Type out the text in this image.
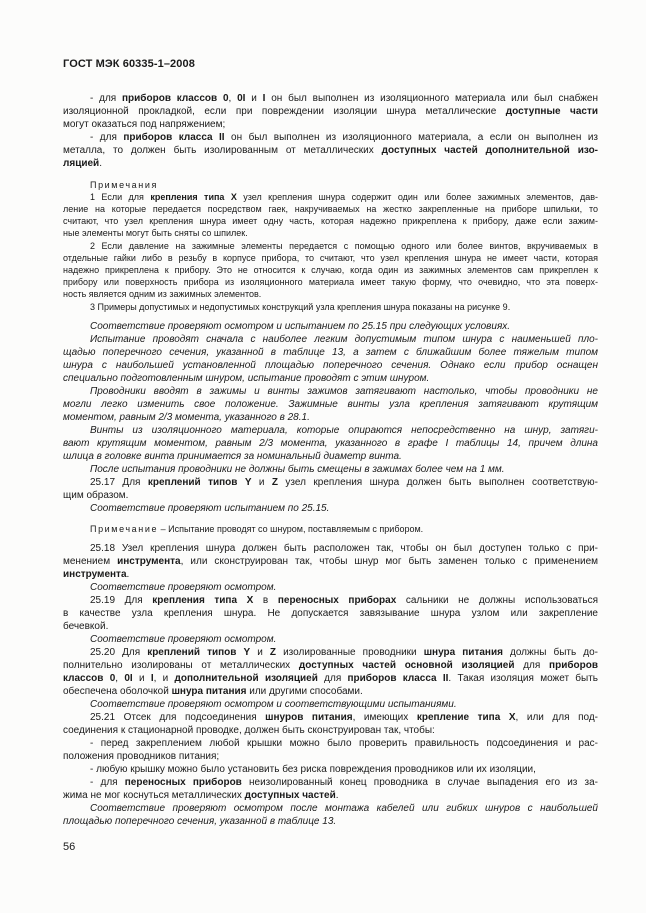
ГОСТ МЭК 60335-1–2008
- для приборов классов 0, 0I и I он был выполнен из изоляционного материала или был снабжен
изоляционной прокладкой, если при повреждении изоляции шнура металлические доступные части
могут оказаться под напряжением;
- для приборов класса II он был выполнен из изоляционного материала, а если он выполнен из
металла, то должен быть изолированным от металлических доступных частей дополнительной изо-
ляцией.
Примечания
1 Если для крепления типа X узел крепления шнура содержит один или более зажимных элементов, дав-
ление на которые передается посредством гаек, накручиваемых на жестко закрепленные на приборе шпильки, то
считают, что узел крепления шнура имеет одну часть, которая надежно прикреплена к прибору, даже если зажим-
ные элементы могут быть сняты со шпилек.
2 Если давление на зажимные элементы передается с помощью одного или более винтов, вкручиваемых в
отдельные гайки либо в резьбу в корпусе прибора, то считают, что узел крепления шнура не имеет части, которая
надежно прикреплена к прибору. Это не относится к случаю, когда один из зажимных элементов сам прикреплен к
прибору или поверхность прибора из изоляционного материала имеет такую форму, что очевидно, что эта поверх-
ность является одним из зажимных элементов.
3 Примеры допустимых и недопустимых конструкций узла крепления шнура показаны на рисунке 9.
Соответствие проверяют осмотром и испытанием по 25.15 при следующих условиях.
Испытание проводят сначала с наиболее легким допустимым типом шнура с наименьшей пло-
щадью поперечного сечения, указанной в таблице 13, а затем с ближайшим более тяжелым типом
шнура с наибольшей установленной площадью поперечного сечения. Однако если прибор оснащен
специально подготовленным шнуром, испытание проводят с этим шнуром.
Проводники вводят в зажимы и винты зажимов затягивают настолько, чтобы проводники не
могли легко изменить свое положение. Зажимные винты узла крепления затягивают крутящим
моментом, равным 2/3 момента, указанного в 28.1.
Винты из изоляционного материала, которые опираются непосредственно на шнур, затяги-
вают крутящим моментом, равным 2/3 момента, указанного в графе I таблицы 14, причем длина
шлица в головке винта принимается за номинальный диаметр винта.
После испытания проводники не должны быть смещены в зажимах более чем на 1 мм.
25.17 Для креплений типов Y и Z узел крепления шнура должен быть выполнен соответствую-
щим образом.
Соответствие проверяют испытанием по 25.15.
Примечание – Испытание проводят со шнуром, поставляемым с прибором.
25.18 Узел крепления шнура должен быть расположен так, чтобы он был доступен только с при-
менением инструмента, или сконструирован так, чтобы шнур мог быть заменен только с применением
инструмента.
Соответствие проверяют осмотром.
25.19 Для крепления типа X в переносных приборах сальники не должны использоваться
в качестве узла крепления шнура. Не допускается завязывание шнура узлом или закрепление
бечевкой.
Соответствие проверяют осмотром.
25.20 Для креплений типов Y и Z изолированные проводники шнура питания должны быть до-
полнительно изолированы от металлических доступных частей основной изоляцией для приборов
классов 0, 0I и I, и дополнительной изоляцией для приборов класса II. Такая изоляция может быть
обеспечена оболочкой шнура питания или другими способами.
Соответствие проверяют осмотром и соответствующими испытаниями.
25.21 Отсек для подсоединения шнуров питания, имеющих крепление типа X, или для под-
соединения к стационарной проводке, должен быть сконструирован так, чтобы:
- перед закреплением любой крышки можно было проверить правильность подсоединения и рас-
положения проводников питания;
- любую крышку можно было установить без риска повреждения проводников или их изоляции,
- для переносных приборов неизолированный конец проводника в случае выпадения его из за-
жима не мог коснуться металлических доступных частей.
Соответствие проверяют осмотром после монтажа кабелей или гибких шнуров с наибольшей
площадью поперечного сечения, указанной в таблице 13.
56
